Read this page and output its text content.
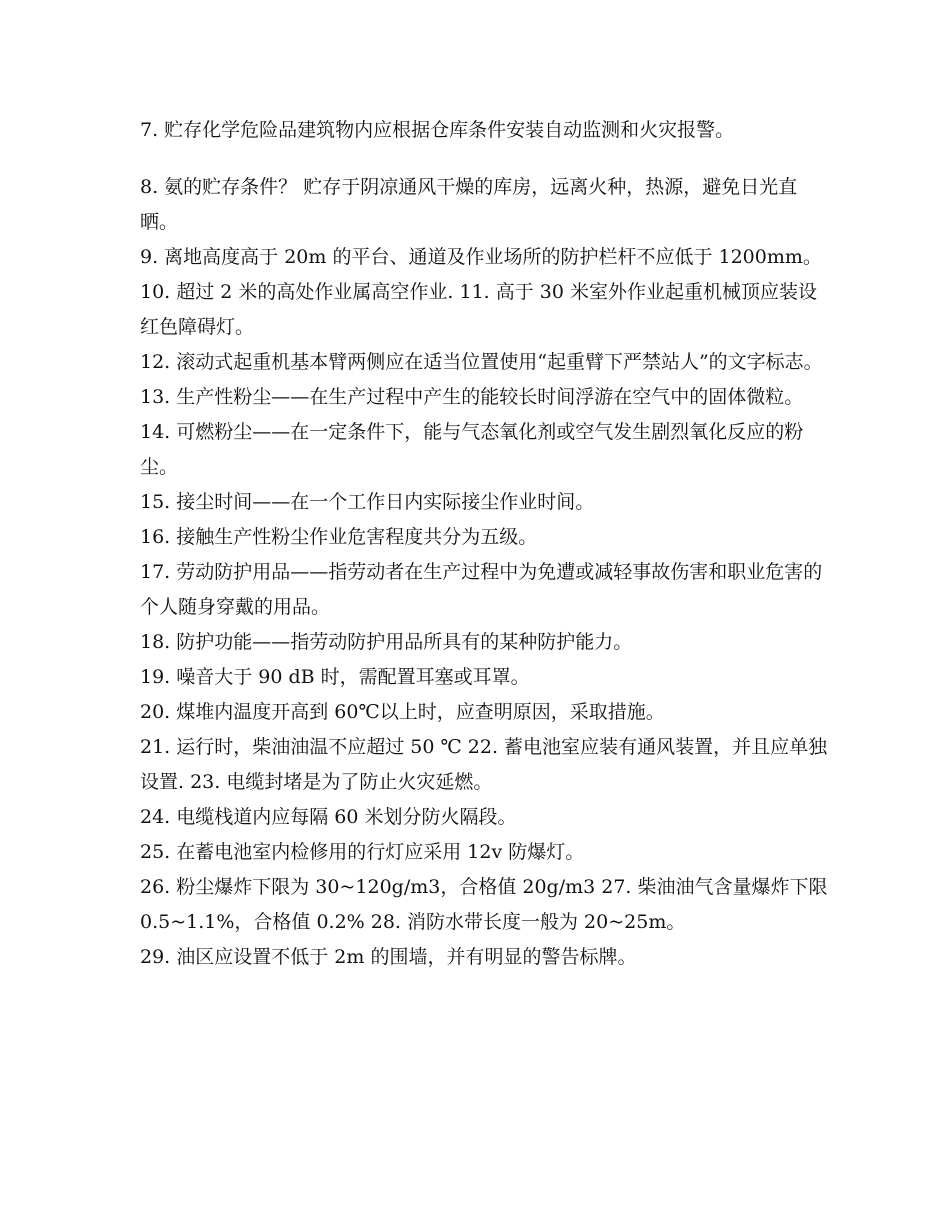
7. 贮存化学危险品建筑物内应根据仓库条件安装自动监测和火灾报警。

8. 氨的贮存条件？ 贮存于阴凉通风干燥的库房，远离火种，热源，避免日光直晒。

9. 离地高度高于 20m 的平台、通道及作业场所的防护栏杆不应低于 1200mm。

10. 超过 2 米的高处作业属高空作业. 11. 高于 30 米室外作业起重机械顶应装设红色障碍灯。

12. 滚动式起重机基本臂两侧应在适当位置使用“起重臂下严禁站人”的文字标志。

13. 生产性粉尘——在生产过程中产生的能较长时间浮游在空气中的固体微粒。

14. 可燃粉尘——在一定条件下，能与气态氧化剂或空气发生剧烈氧化反应的粉尘。

15. 接尘时间——在一个工作日内实际接尘作业时间。

16. 接触生产性粉尘作业危害程度共分为五级。

17. 劳动防护用品——指劳动者在生产过程中为免遭或减轻事故伤害和职业危害的个人随身穿戴的用品。

18. 防护功能——指劳动防护用品所具有的某种防护能力。

19. 噪音大于 90 dB 时，需配置耳塞或耳罩。

20. 煤堆内温度开高到 60℃以上时，应查明原因，采取措施。

21. 运行时，柴油油温不应超过 50 ℃ 22. 蓄电池室应装有通风装置，并且应单独设置. 23. 电缆封堵是为了防止火灾延燃。

24. 电缆栈道内应每隔 60 米划分防火隔段。

25. 在蓄电池室内检修用的行灯应采用 12v 防爆灯。

26. 粉尘爆炸下限为 30~120g/m3，合格值 20g/m3 27. 柴油油气含量爆炸下限 0.5~1.1%，合格值 0.2% 28. 消防水带长度一般为 20~25m。

29. 油区应设置不低于 2m 的围墙，并有明显的警告标牌。
